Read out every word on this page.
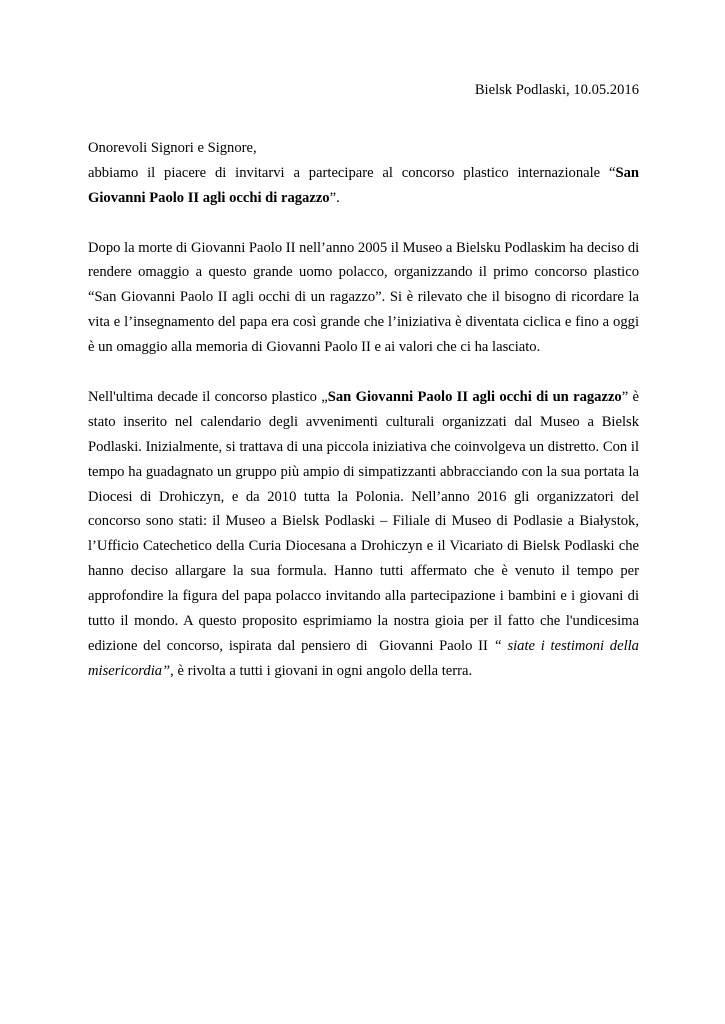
Bielsk Podlaski, 10.05.2016
Onorevoli Signori e Signore,
abbiamo il piacere di invitarvi a partecipare al concorso plastico internazionale “San
Giovanni Paolo II agli occhi di ragazzo”.
Dopo la morte di Giovanni Paolo II nell’anno 2005 il Museo a Bielsku Podlaskim ha deciso di
rendere omaggio a questo grande uomo polacco, organizzando il primo concorso plastico
“San Giovanni Paolo II agli occhi di un ragazzo”. Si è rilevato che il bisogno di ricordare la
vita e l’insegnamento del papa era così grande che l’iniziativa è diventata ciclica e fino a oggi
è un omaggio alla memoria di Giovanni Paolo II e ai valori che ci ha lasciato.
Nell'ultima decade il concorso plastico „San Giovanni Paolo II agli occhi di un ragazzo” è
stato inserito nel calendario degli avvenimenti culturali organizzati dal Museo a Bielsk
Podlaski. Inizialmente, si trattava di una piccola iniziativa che coinvolgeva un distretto. Con il
tempo ha guadagnato un gruppo più ampio di simpatizzanti abbracciando con la sua portata la
Diocesi di Drohiczyn, e da 2010 tutta la Polonia. Nell’anno 2016 gli organizzatori del
concorso sono stati: il Museo a Bielsk Podlaski – Filiale di Museo di Podlasie a Białystok,
l’Ufficio Catechetico della Curia Diocesana a Drohiczyn e il Vicariato di Bielsk Podlaski che
hanno deciso allargare la sua formula. Hanno tutti affermato che è venuto il tempo per
approfondire la figura del papa polacco invitando alla partecipazione i bambini e i giovani di
tutto il mondo. A questo proposito esprimiamo la nostra gioia per il fatto che l'undicesima
edizione del concorso, ispirata dal pensiero di  Giovanni Paolo II “ siate i testimoni della
misericordia”, è rivolta a tutti i giovani in ogni angolo della terra.
